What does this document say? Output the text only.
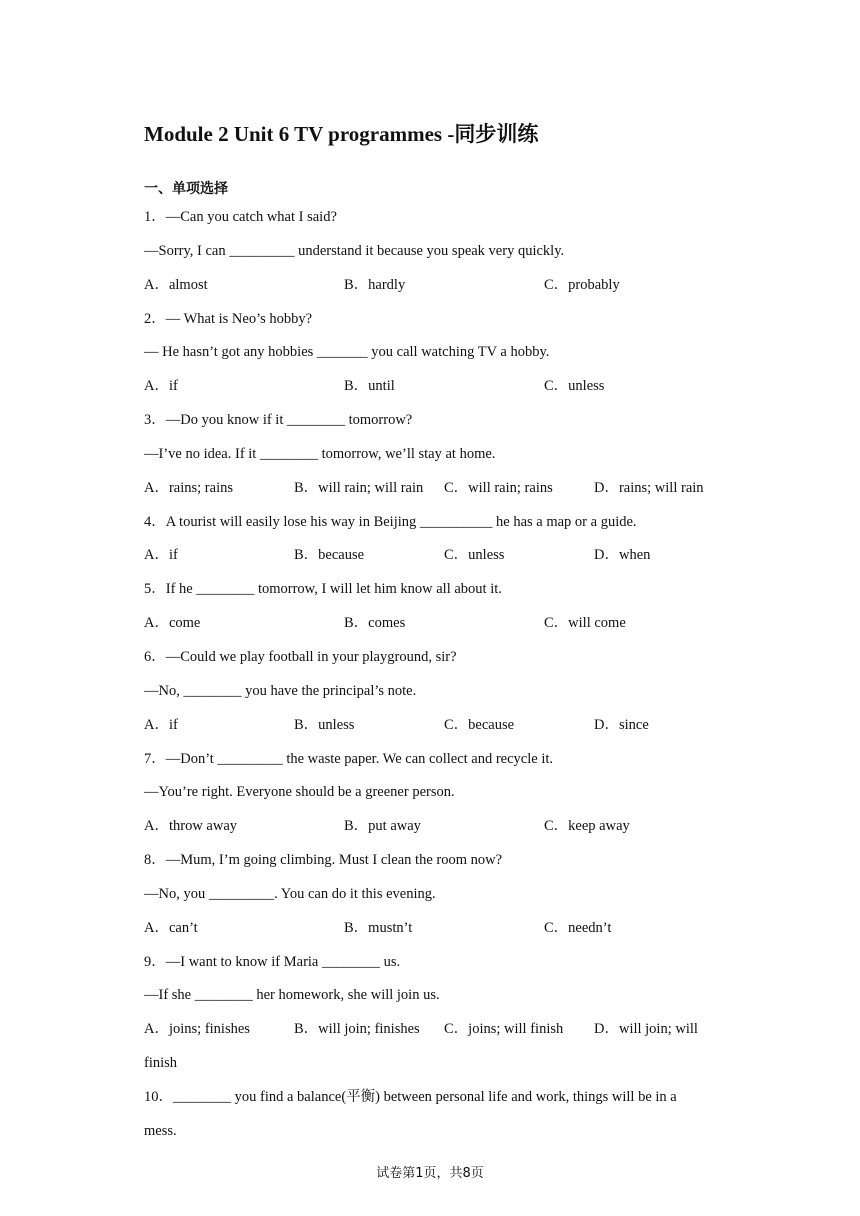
Module 2 Unit 6 TV programmes -同步训练
一、单项选择
1．—Can you catch what I said?
—Sorry, I can _________ understand it because you speak very quickly.
A．almost	B．hardly	C．probably
2．— What is Neo’s hobby?
— He hasn’t got any hobbies _______ you call watching TV a hobby.
A．if	B．until	C．unless
3．—Do you know if it ________ tomorrow?
—I’ve no idea. If it ________ tomorrow, we’ll stay at home.
A．rains; rains	B．will rain; will rain C．will rain; rains	D．rains; will rain
4．A tourist will easily lose his way in Beijing __________ he has a map or a guide.
A．if	B．because	C．unless	D．when
5．If he ________ tomorrow, I will let him know all about it.
A．come	B．comes	C．will come
6．—Could we play football in your playground, sir?
—No, ________ you have the principal’s note.
A．if	B．unless	C．because	D．since
7．—Don’t _________ the waste paper. We can collect and recycle it.
—You’re right. Everyone should be a greener person.
A．throw away	B．put away	C．keep away
8．—Mum, I’m going climbing. Must I clean the room now?
—No, you _________. You can do it this evening.
A．can’t	B．mustn’t	C．needn’t
9．—I want to know if Maria ________ us.
—If she ________ her homework, she will join us.
A．joins; finishes	B．will join; finishes C．joins; will finish D．will join; will
finish
10．________ you find a balance(平衡) between personal life and work, things will be in a
mess.
试卷第1页，共8页
